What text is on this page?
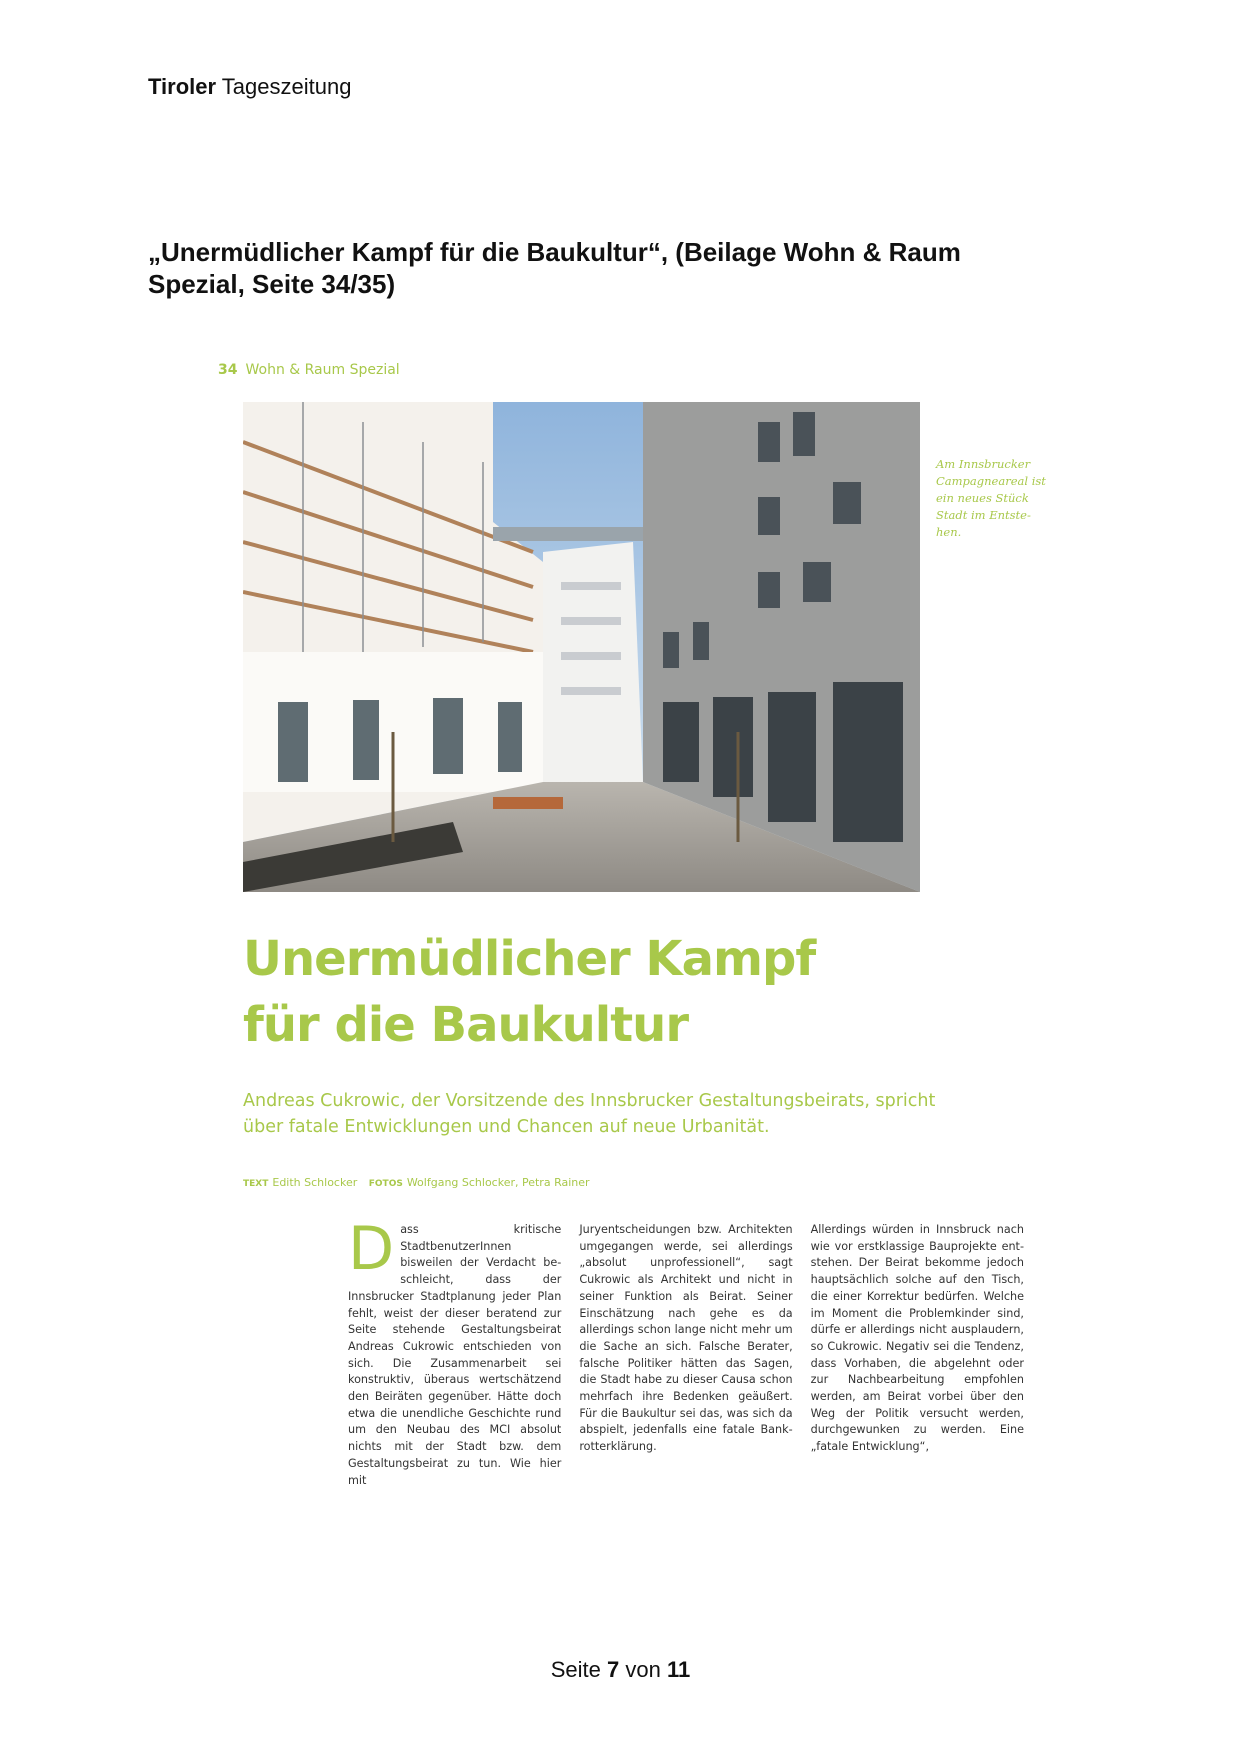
Tiroler Tageszeitung
„Unermüdlicher Kampf für die Baukultur“, (Beilage Wohn & Raum Spezial, Seite 34/35)
34 Wohn & Raum Spezial
Am Innsbrucker Campagneareal ist ein neues Stück Stadt im Entstehen.
Unermüdlicher Kampf
für die Baukultur
Andreas Cukrowic, der Vorsitzende des Innsbrucker Gestaltungsbeirats, spricht über fatale Entwicklungen und Chancen auf neue Urbanität.
TEXT Edith Schlocker FOTOS Wolfgang Schlocker, Petra Rainer
Dass kritische StadtbenutzerInnen bisweilen der Verdacht beschleicht, dass der Innsbrucker Stadtplanung jeder Plan fehlt, weist der dieser beratend zur Seite stehende Gestaltungsbeirat Andreas Cukrowic entschieden von sich. Die Zusammenarbeit sei konstruktiv, überaus wertschätzend den Beiräten gegenüber. Hätte doch etwa die unendliche Geschichte rund um den Neubau des MCI absolut nichts mit der Stadt bzw. dem Gestaltungsbeirat zu tun. Wie hier mit
Juryentscheidungen bzw. Architekten umgegangen werde, sei allerdings „absolut unprofessionell“, sagt Cukrowic als Architekt und nicht in seiner Funktion als Beirat. Seiner Einschätzung nach gehe es da allerdings schon lange nicht mehr um die Sache an sich. Falsche Berater, falsche Politiker hätten das Sagen, die Stadt habe zu dieser Causa schon mehrfach ihre Bedenken geäußert. Für die Baukultur sei das, was sich da abspielt, jedenfalls eine fatale Bankrotterklärung.
Allerdings würden in Innsbruck nach wie vor erstklassige Bauprojekte entstehen. Der Beirat bekomme jedoch hauptsächlich solche auf den Tisch, die einer Korrektur bedürfen. Welche im Moment die Problemkinder sind, dürfe er allerdings nicht ausplaudern, so Cukrowic. Negativ sei die Tendenz, dass Vorhaben, die abgelehnt oder zur Nachbearbeitung empfohlen werden, am Beirat vorbei über den Weg der Politik versucht werden, durchgewunken zu werden. Eine „fatale Entwicklung“,
Seite 7 von 11
